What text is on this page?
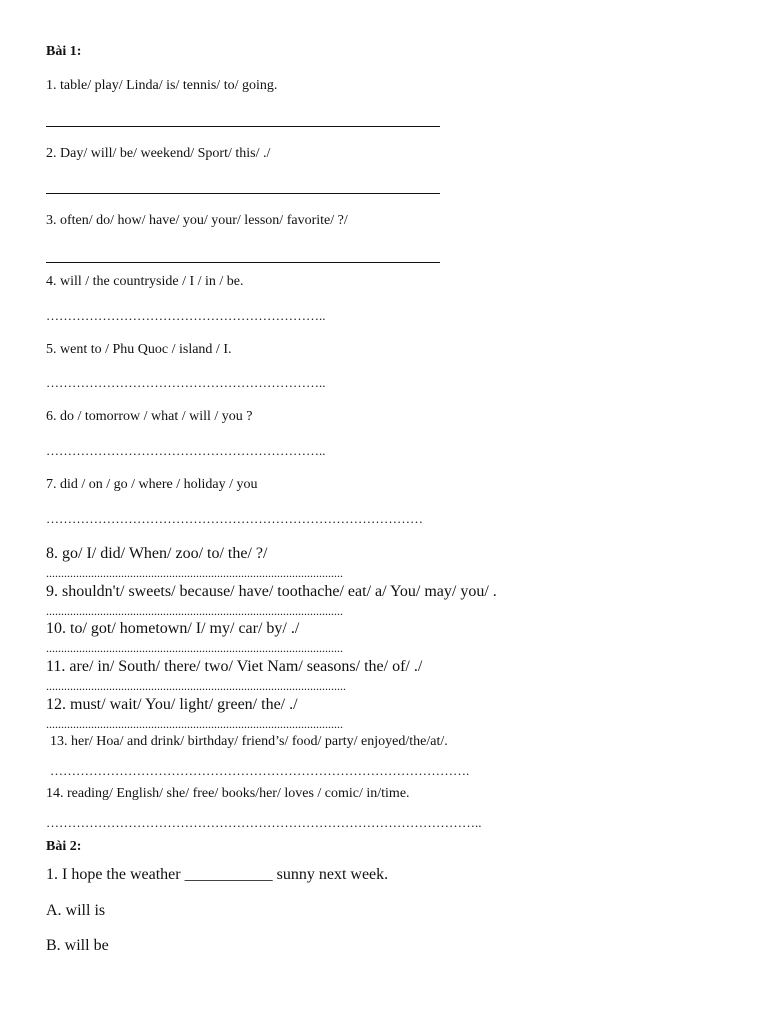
Bài 1:
1. table/ play/ Linda/ is/ tennis/ to/ going.
2. Day/ will/ be/ weekend/ Sport/ this/ ./
3. often/ do/ how/ have/ you/ your/ lesson/ favorite/ ?/
4. will / the countryside / I / in / be.
………………………………………………………..
5. went to / Phu Quoc / island / I.
………………………………………………………..
6. do / tomorrow / what / will / you ?
………………………………………………………..
7. did / on / go / where / holiday / you
……………………………………………………………………………
8. go/ I/ did/ When/ zoo/ to/ the/ ?/
...................................................................................................
9. shouldn't/ sweets/ because/ have/ toothache/ eat/ a/ You/ may/ you/ .
...................................................................................................
10. to/ got/ hometown/ I/ my/ car/ by/ ./
...................................................................................................
11. are/ in/ South/ there/ two/ Viet Nam/ seasons/ the/ of/ ./
....................................................................................................
12. must/ wait/ You/ light/ green/ the/ ./
...................................................................................................
13. her/ Hoa/ and drink/ birthday/ friend’s/ food/ party/ enjoyed/the/at/.
…………………………………………………………………………………….
14. reading/ English/ she/ free/ books/her/ loves / comic/ in/time.
………………………………………………………………………………………..
Bài 2:
1. I hope the weather ___________ sunny next week.
A. will is
B. will be
